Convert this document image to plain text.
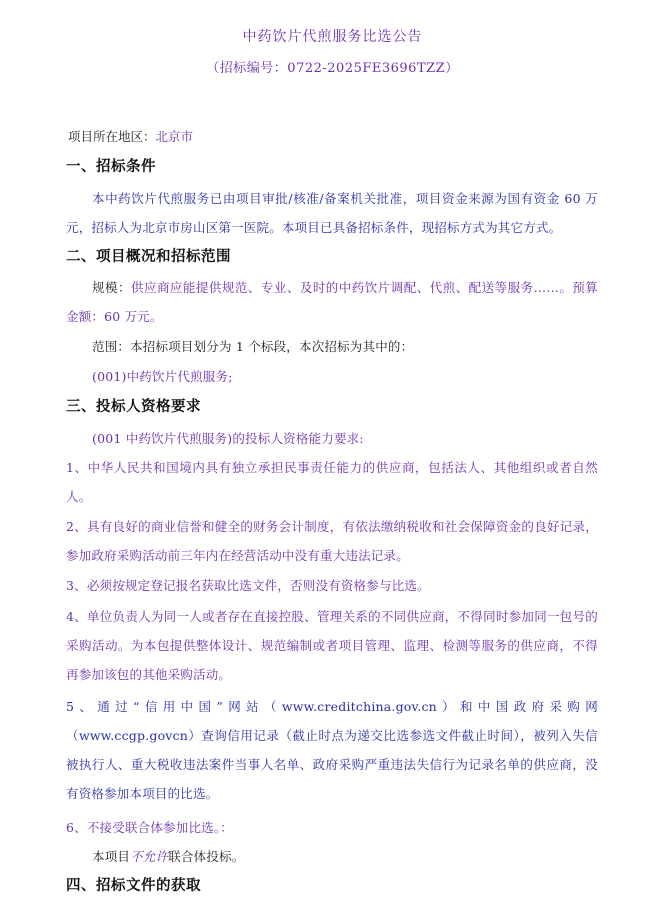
中药饮片代煎服务比选公告
（招标编号：0722-2025FE3696TZZ）
项目所在地区：北京市
一、招标条件
本中药饮片代煎服务已由项目审批/核准/备案机关批准，项目资金来源为国有资金 60 万元，招标人为北京市房山区第一医院。本项目已具备招标条件，现招标方式为其它方式。
二、项目概况和招标范围
规模：供应商应能提供规范、专业、及时的中药饮片调配、代煎、配送等服务……。预算金额：60 万元。
范围：本招标项目划分为 1 个标段，本次招标为其中的：
(001)中药饮片代煎服务;
三、投标人资格要求
(001 中药饮片代煎服务)的投标人资格能力要求:
1、中华人民共和国境内具有独立承担民事责任能力的供应商，包括法人、其他组织或者自然人。
2、具有良好的商业信誉和健全的财务会计制度，有依法缴纳税收和社会保障资金的良好记录，参加政府采购活动前三年内在经营活动中没有重大违法记录。
3、必须按规定登记报名获取比选文件，否则没有资格参与比选。
4、单位负责人为同一人或者存在直接控股、管理关系的不同供应商，不得同时参加同一包号的采购活动。为本包提供整体设计、规范编制或者项目管理、监理、检测等服务的供应商，不得再参加该包的其他采购活动。
5、通过“信用中国”网站（www.creditchina.gov.cn）和中国政府采购网（www.ccgp.govcn）查询信用记录（截止时点为递交比选参选文件截止时间），被列入失信被执行人、重大税收违法案件当事人名单、政府采购严重违法失信行为记录名单的供应商，没有资格参加本项目的比选。
6、不接受联合体参加比选。：
本项目不允许联合体投标。
四、招标文件的获取
